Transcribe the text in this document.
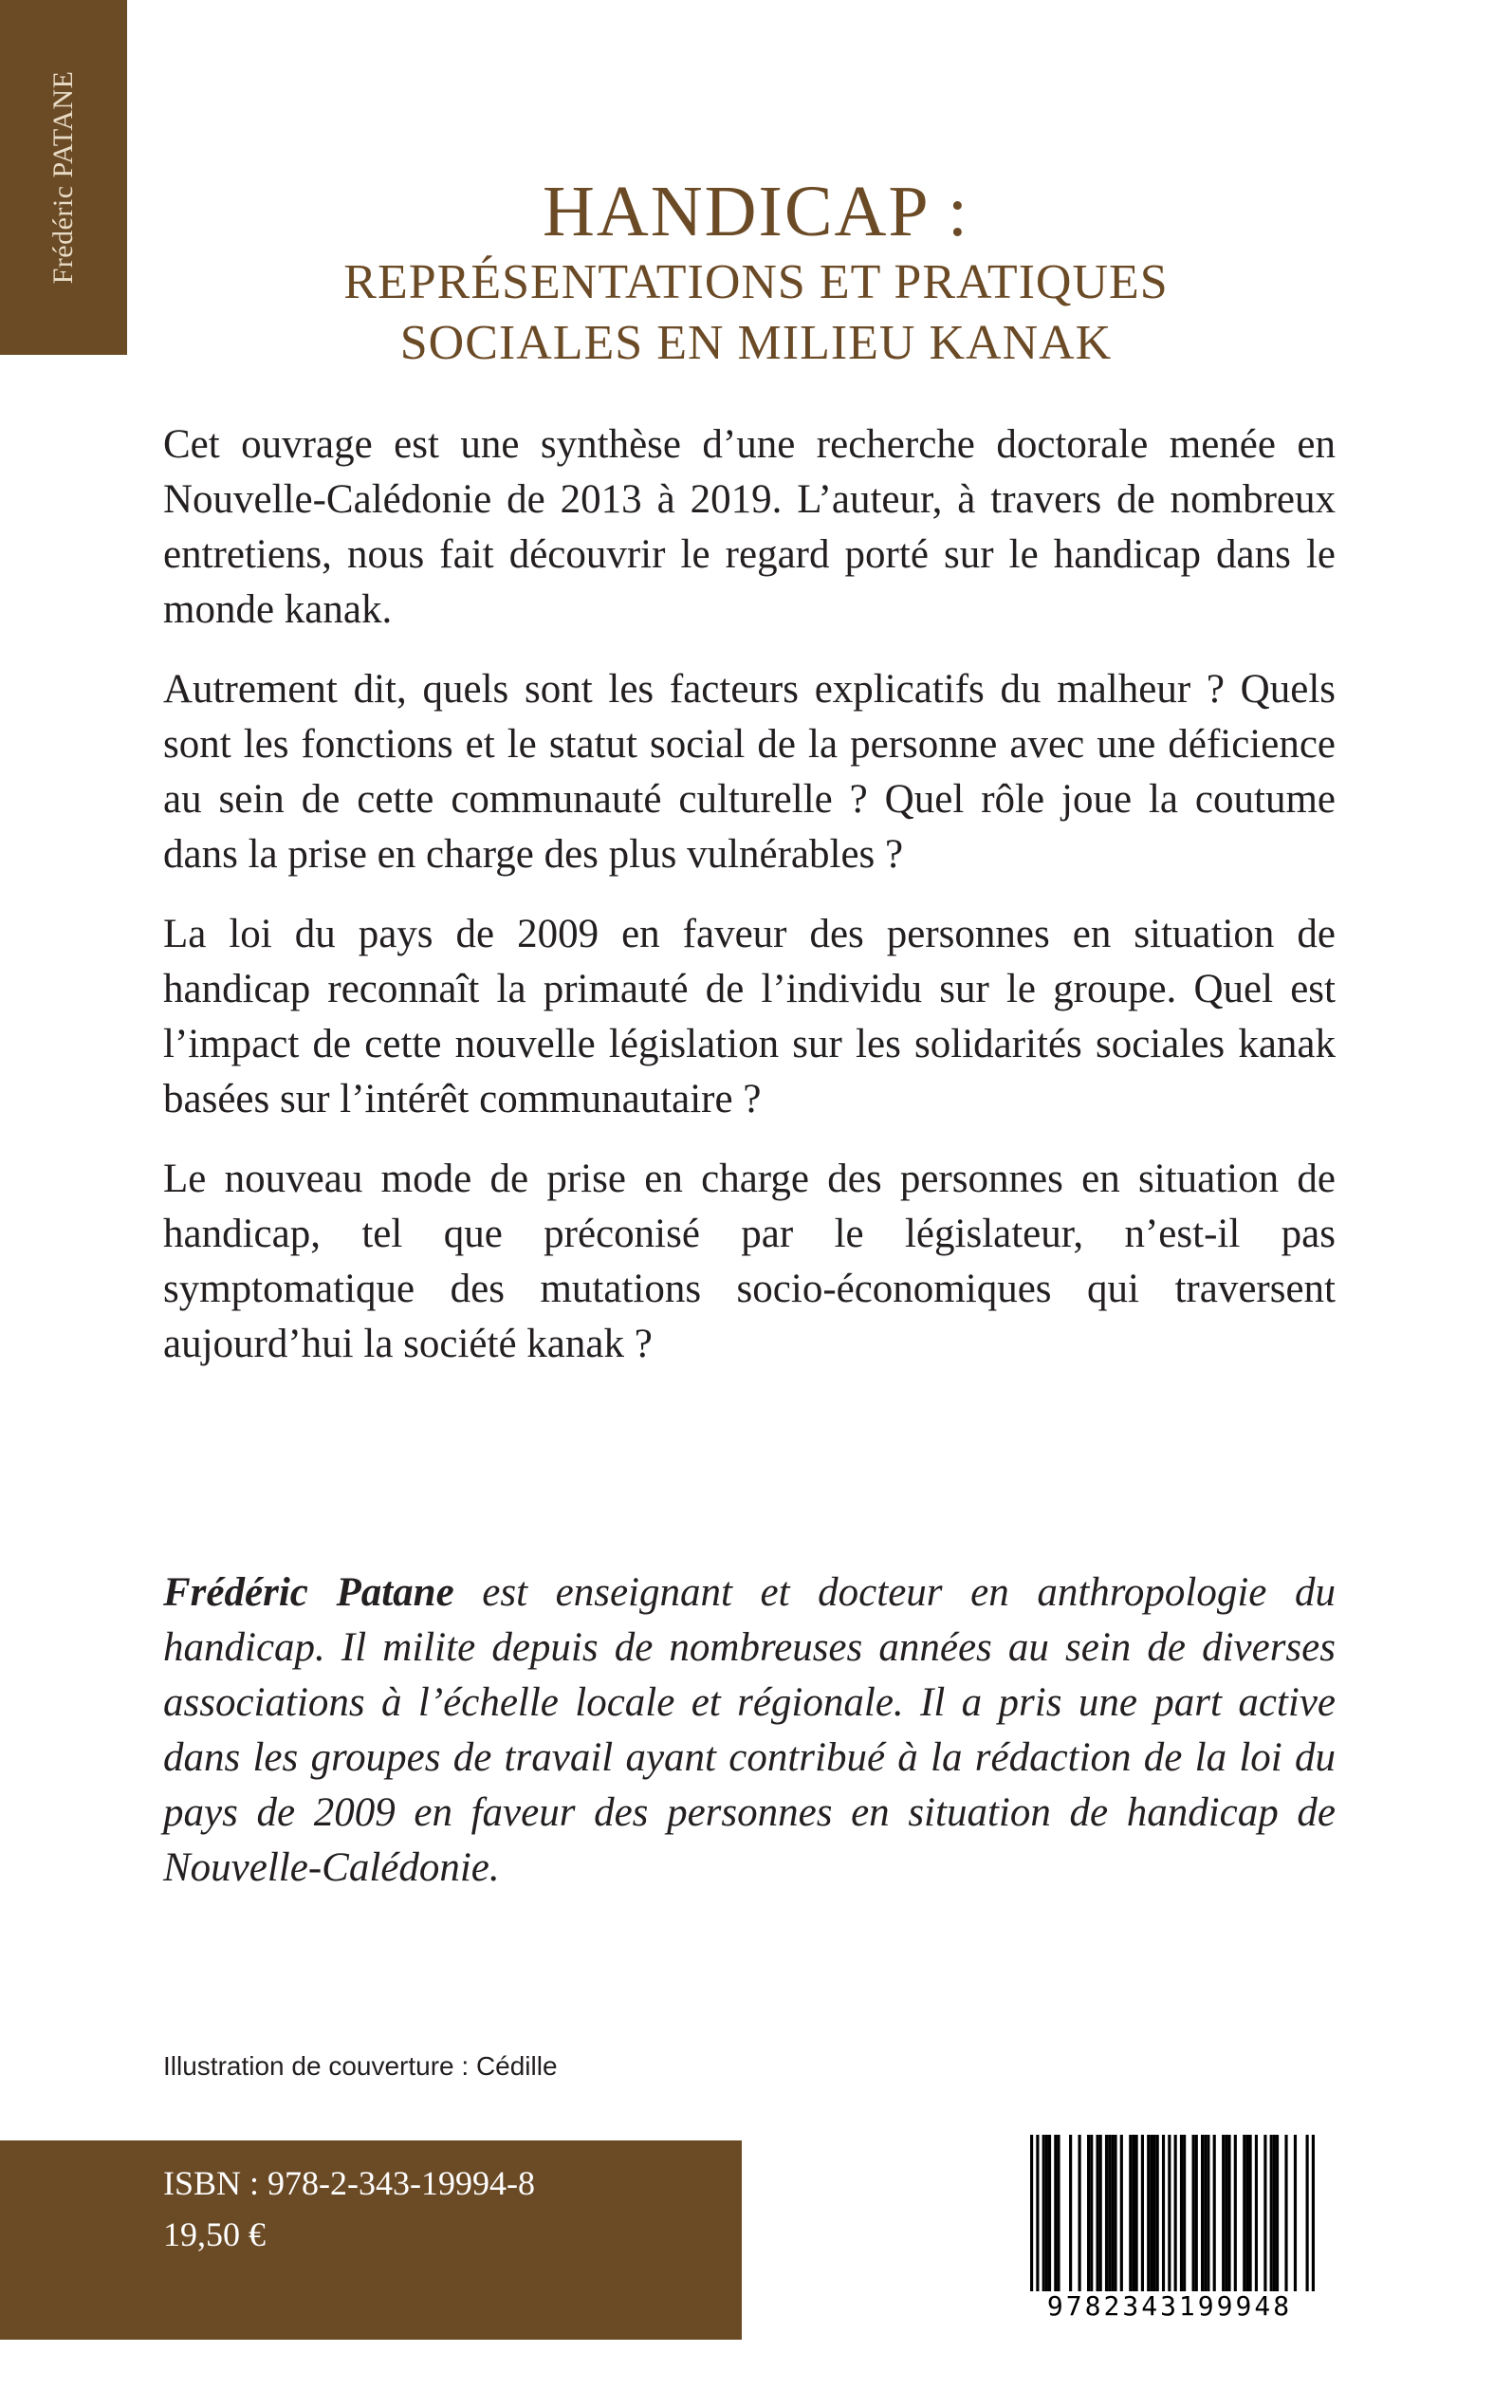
Frédéric PATANE	HANDICAP :
REPRÉSENTATIONS ET PRATIQUES
SOCIALES EN MILIEU KANAK

Cet ouvrage est une synthèse d’une recherche doctorale menée en Nouvelle-Calédonie de 2013 à 2019. L’auteur, à travers de nombreux entretiens, nous fait découvrir le regard porté sur le handicap dans le monde kanak.

Autrement dit, quels sont les facteurs explicatifs du malheur ? Quels sont les fonctions et le statut social de la personne avec une déficience au sein de cette communauté culturelle ? Quel rôle joue la coutume dans la prise en charge des plus vulnérables ?

La loi du pays de 2009 en faveur des personnes en situation de handicap reconnaît la primauté de l’individu sur le groupe. Quel est l’impact de cette nouvelle législation sur les solidarités sociales kanak basées sur l’intérêt communautaire ?

Le nouveau mode de prise en charge des personnes en situation de handicap, tel que préconisé par le législateur, n’est-il pas symptomatique des mutations socio-économiques qui traversent aujourd’hui la société kanak ?

Frédéric Patane est enseignant et docteur en anthropologie du handicap. Il milite depuis de nombreuses années au sein de diverses associations à l’échelle locale et régionale. Il a pris une part active dans les groupes de travail ayant contribué à la rédaction de la loi du pays de 2009 en faveur des personnes en situation de handicap de Nouvelle-Calédonie.

Illustration de couverture : Cédille
ISBN : 978-2-343-19994-8
19,50 €
9782343199948
